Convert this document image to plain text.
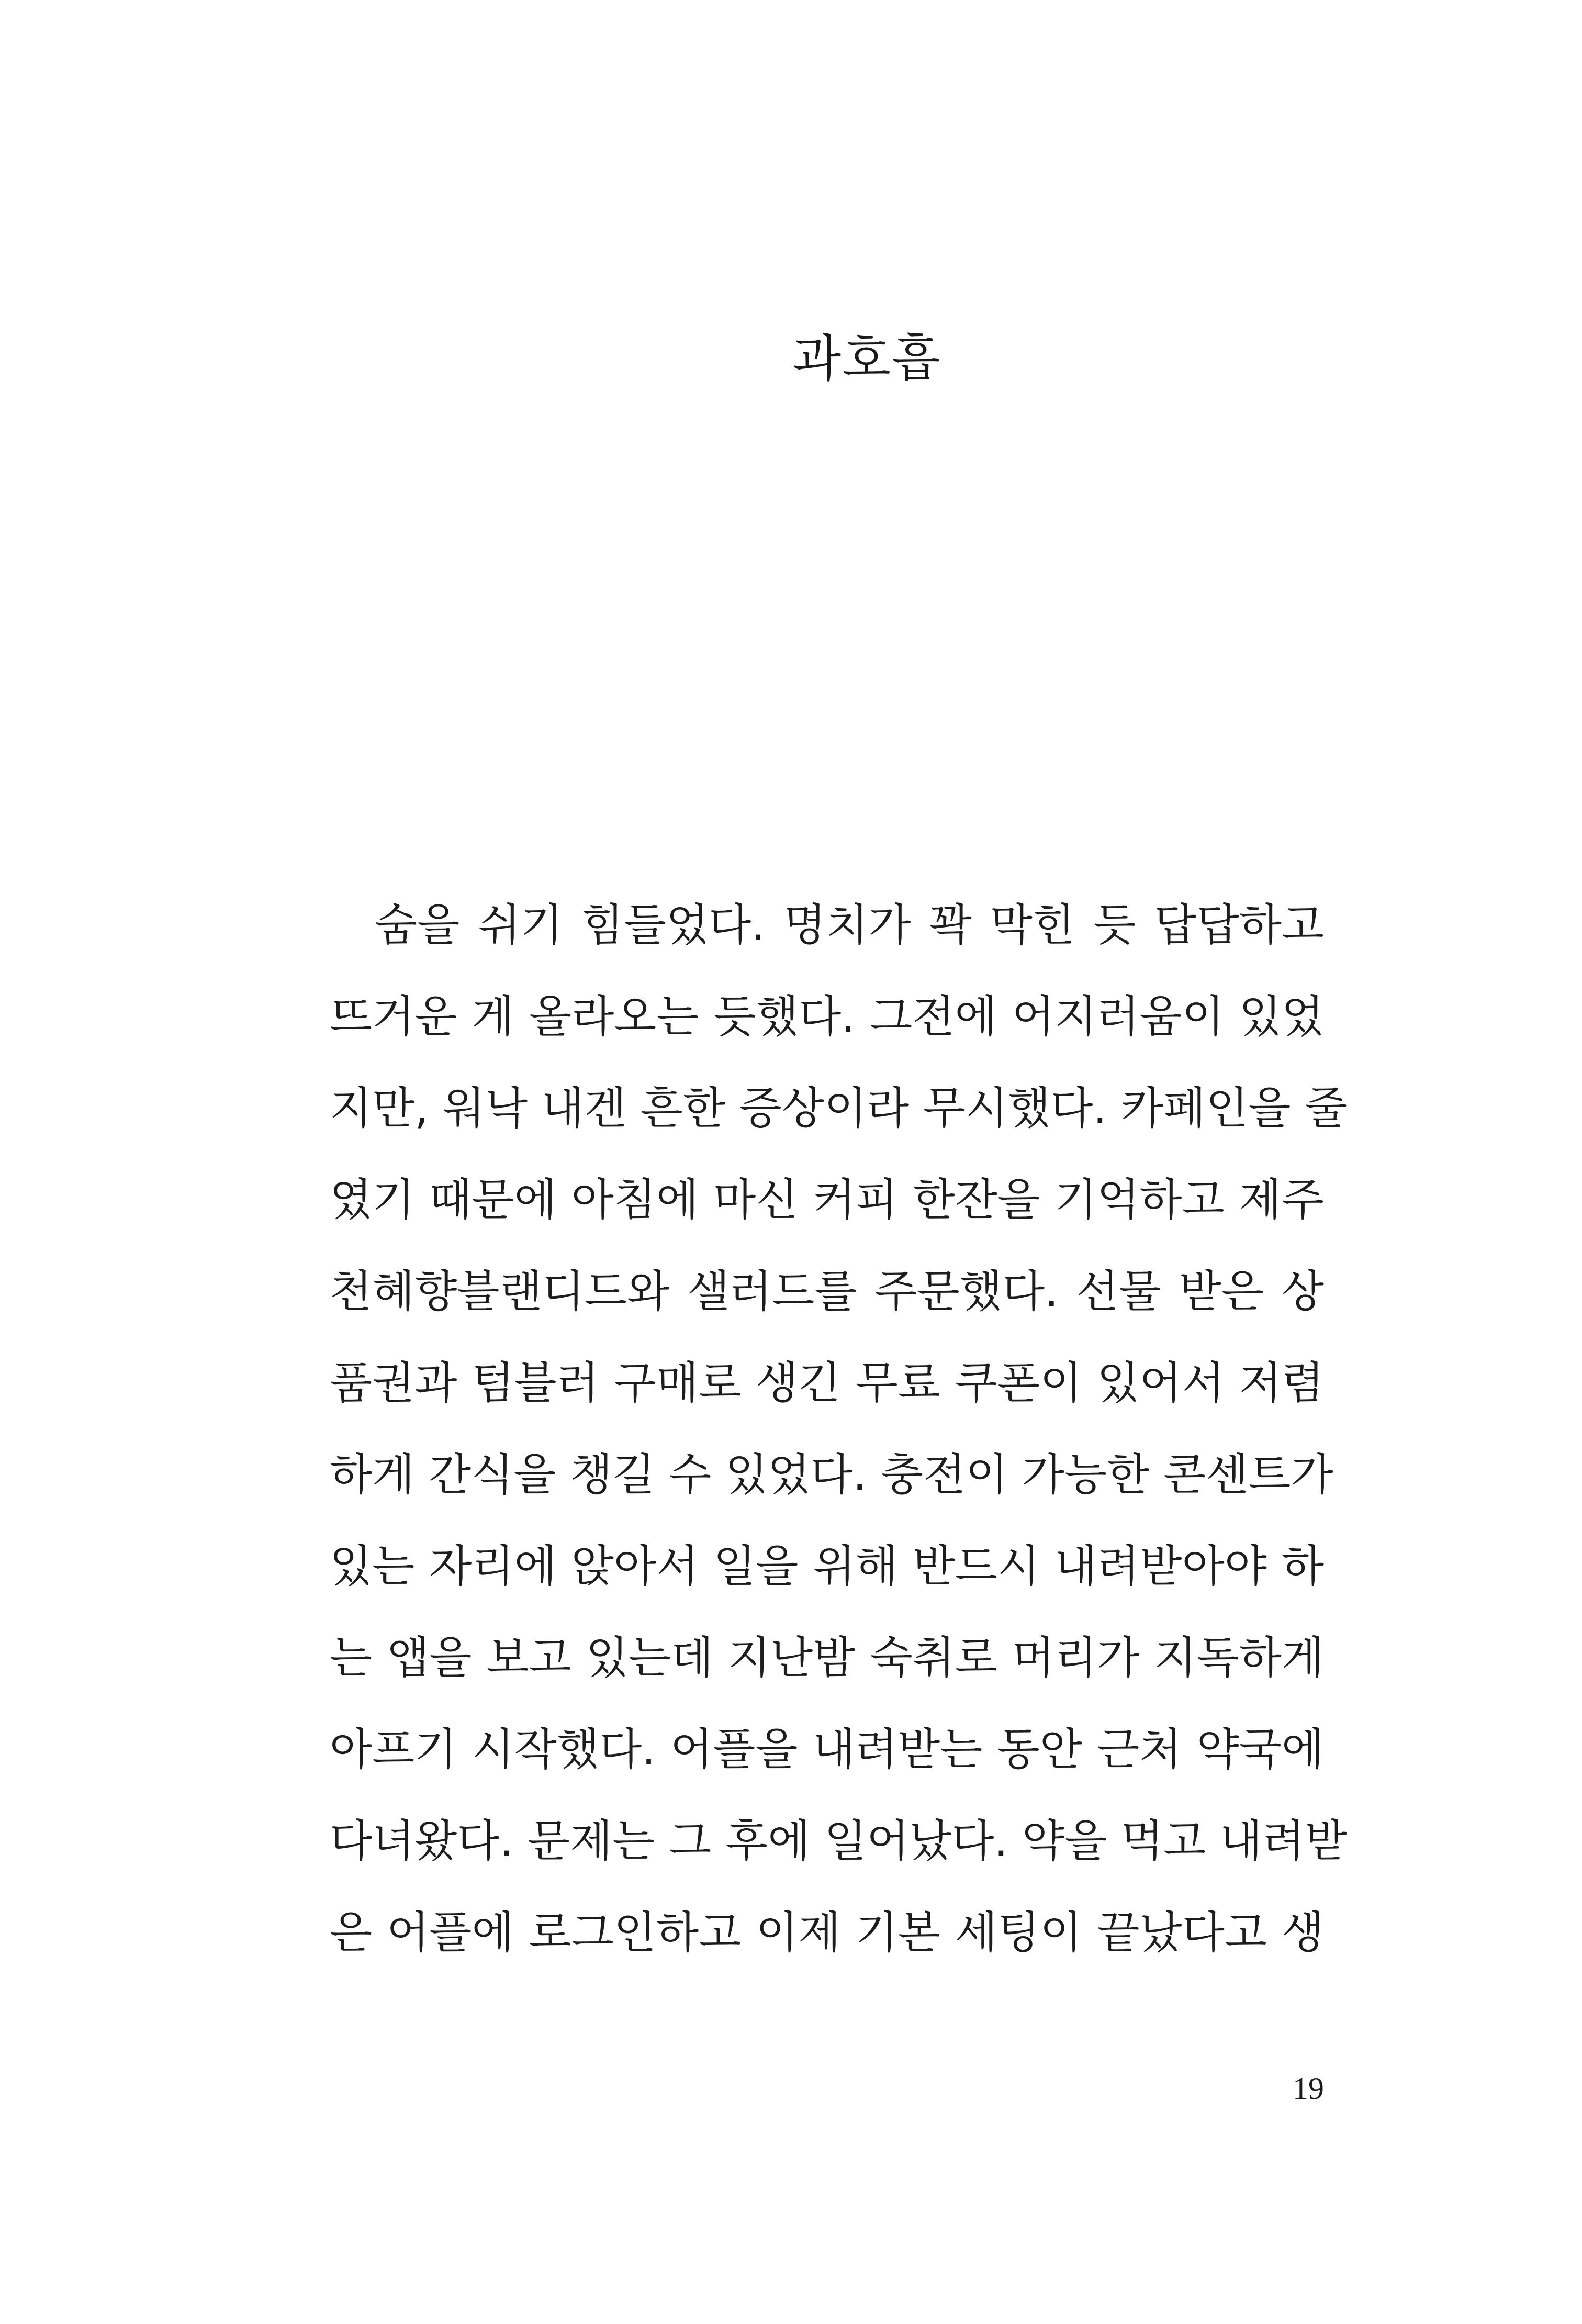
과호흡
숨을 쉬기 힘들었다. 명치가 꽉 막힌 듯 답답하고
뜨거운 게 올라오는 듯했다. 그전에 어지러움이 있었
지만, 워낙 내겐 흔한 증상이라 무시했다. 카페인을 줄
였기 때문에 아침에 마신 커피 한잔을 기억하고 제주
천혜향블랜디드와 샐러드를 주문했다. 선물 받은 상
품권과 텀블러 구매로 생긴 무료 쿠폰이 있어서 저렴
하게 간식을 챙길 수 있었다. 충전이 가능한 콘센트가
있는 자리에 앉아서 일을 위해 반드시 내려받아야 하
는 앱을 보고 있는데 지난밤 숙취로 머리가 지독하게
아프기 시작했다. 어플을 내려받는 동안 근처 약국에
다녀왔다. 문제는 그 후에 일어났다. 약을 먹고 내려받
은 어플에 로그인하고 이제 기본 세팅이 끝났다고 생
19
